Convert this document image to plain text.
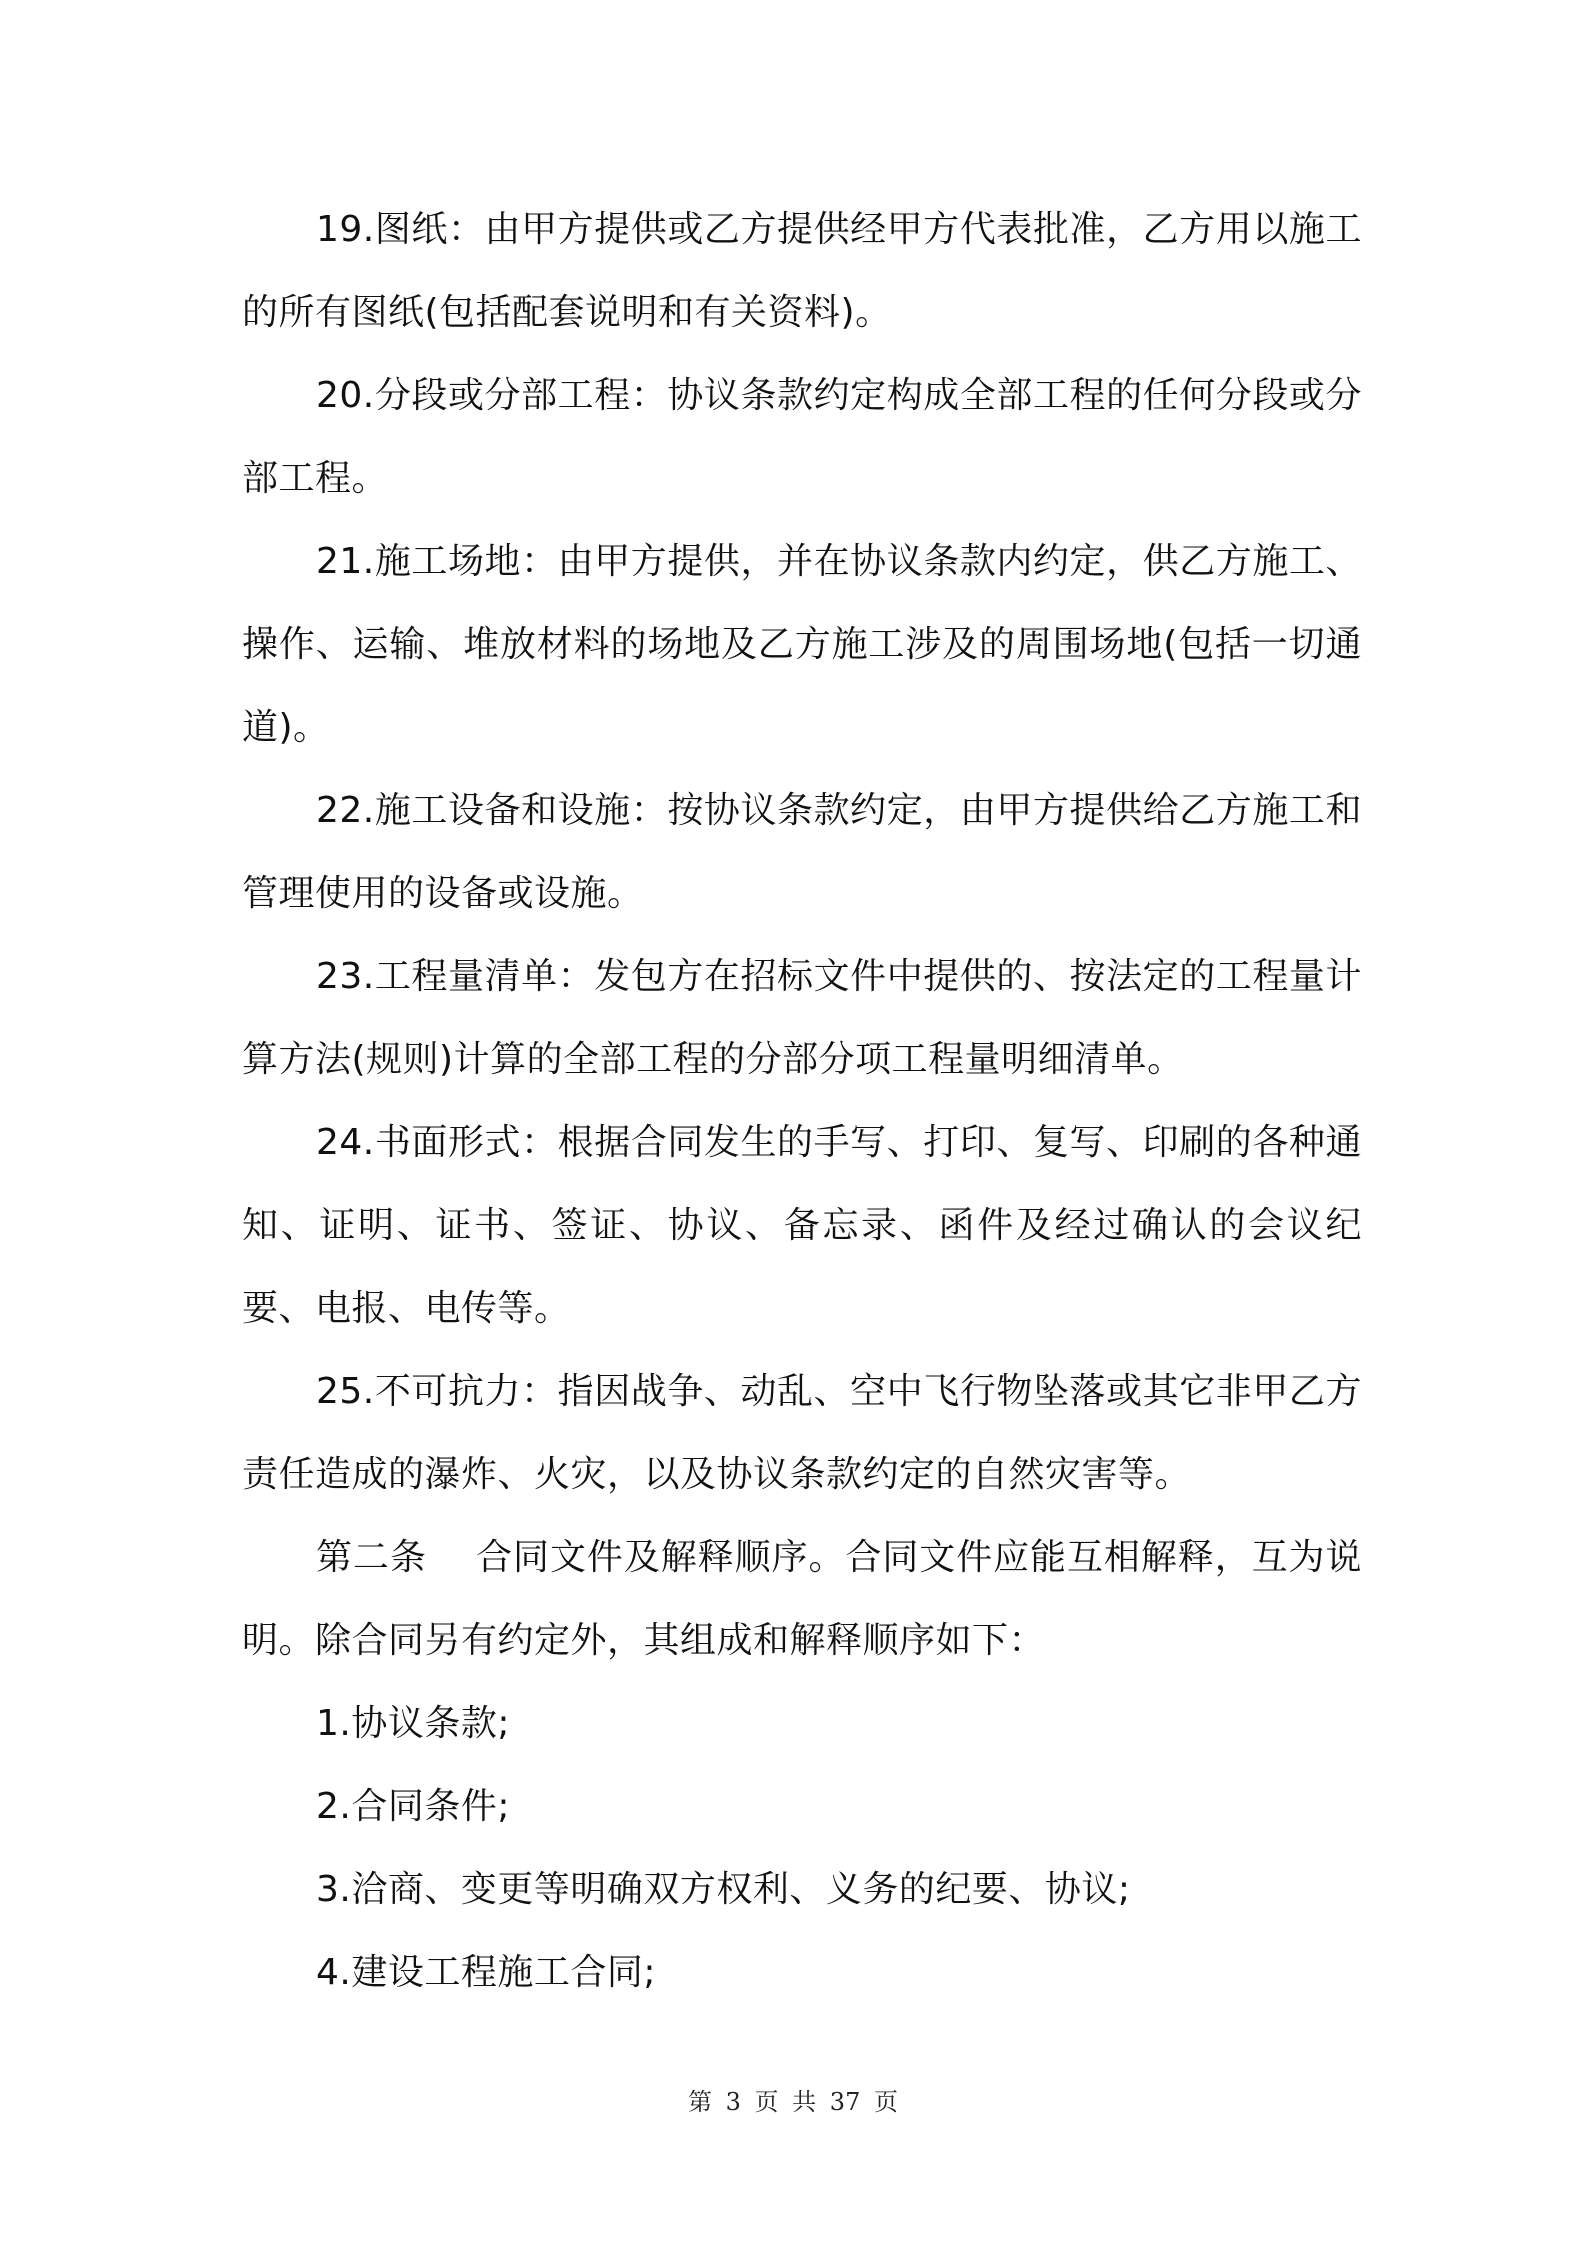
19.图纸：由甲方提供或乙方提供经甲方代表批准，乙方用以施工的所有图纸(包括配套说明和有关资料)。

20.分段或分部工程：协议条款约定构成全部工程的任何分段或分部工程。

21.施工场地：由甲方提供，并在协议条款内约定，供乙方施工、操作、运输、堆放材料的场地及乙方施工涉及的周围场地(包括一切通道)。

22.施工设备和设施：按协议条款约定，由甲方提供给乙方施工和管理使用的设备或设施。

23.工程量清单：发包方在招标文件中提供的、按法定的工程量计算方法(规则)计算的全部工程的分部分项工程量明细清单。

24.书面形式：根据合同发生的手写、打印、复写、印刷的各种通知、证明、证书、签证、协议、备忘录、函件及经过确认的会议纪要、电报、电传等。

25.不可抗力：指因战争、动乱、空中飞行物坠落或其它非甲乙方责任造成的瀑炸、火灾，以及协议条款约定的自然灾害等。

第二条　 合同文件及解释顺序。合同文件应能互相解释，互为说明。除合同另有约定外，其组成和解释顺序如下：

1.协议条款;

2.合同条件;

3.洽商、变更等明确双方权利、义务的纪要、协议;

4.建设工程施工合同;

第 3 页 共 37 页
